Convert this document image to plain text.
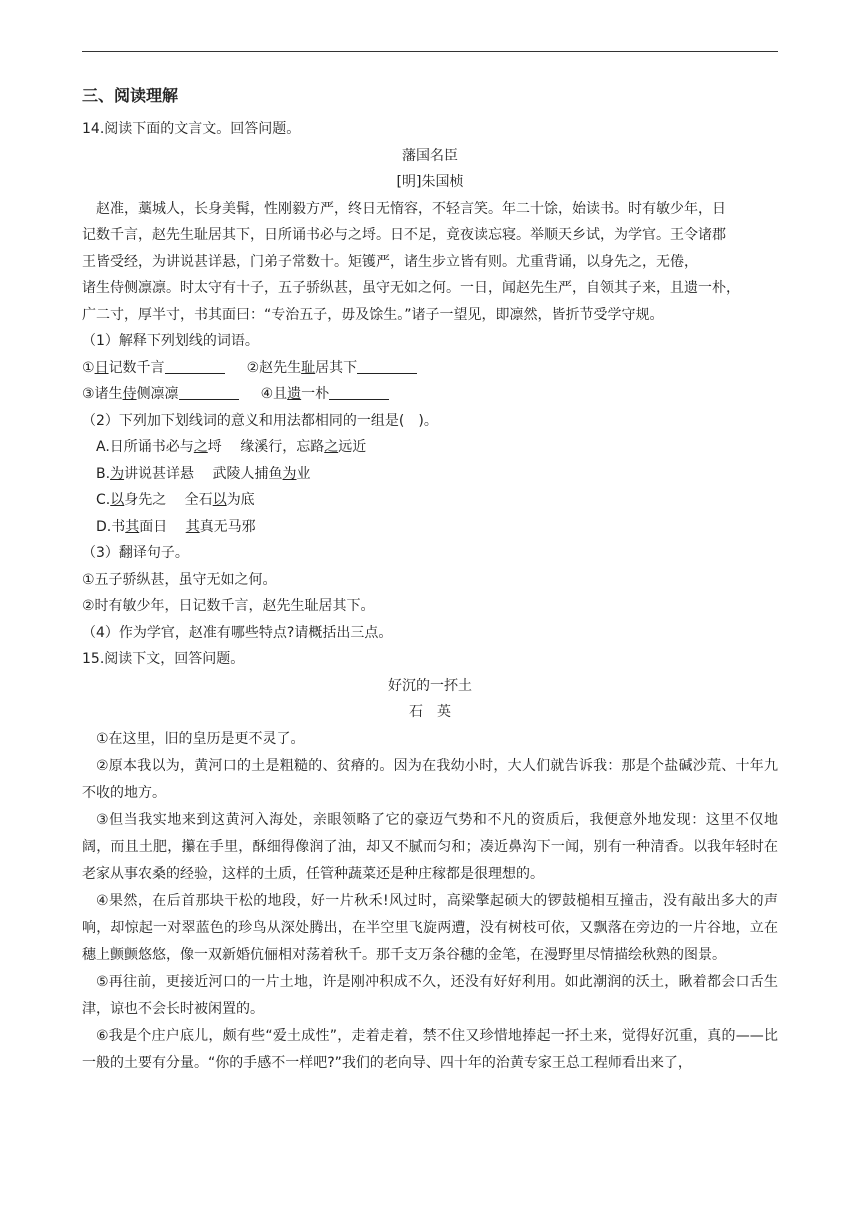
三、阅读理解
14.阅读下面的文言文。回答问题。
藩国名臣
[明]朱国桢
赵准，藁城人，长身美髯，性刚毅方严，终日无惰容，不轻言笑。年二十馀，始读书。时有敏少年，日
记数千言，赵先生耻居其下，日所诵书必与之埒。日不足，竟夜读忘寝。举顺天乡试，为学官。王令诸郡
王皆受经，为讲说甚详悬，门弟子常数十。矩镬严，诸生步立皆有则。尤重背诵，以身先之，无倦，
诸生侍侧凛凛。时太守有十子，五子骄纵甚，虽守无如之何。一日，闻赵先生严，自领其子来，且遗一朴，
广二寸，厚半寸，书其面曰：“专治五子，毋及馀生。”诸子一望见，即凛然，皆折节受学守规。
（1）解释下列划线的词语。
①日记数千言	②赵先生耻居其下
③诸生侍侧凛凛	④且遗一朴
（2）下列加下划线词的意义和用法都相同的一组是(　)。
A.日所诵书必与之埒　 缘溪行，忘路之远近
B.为讲说甚详悬　 武陵人捕鱼为业
C.以身先之　 全石以为底
D.书其面日　 其真无马邪
（3）翻译句子。
①五子骄纵甚，虽守无如之何。
②时有敏少年，日记数千言，赵先生耻居其下。
（4）作为学官，赵准有哪些特点?请概括出三点。
15.阅读下文，回答问题。
好沉的一抔土
石　英
①在这里，旧的皇历是更不灵了。
②原本我以为，黄河口的土是粗糙的、贫瘠的。因为在我幼小时，大人们就告诉我：那是个盐碱沙荒、十年九不收的地方。
③但当我实地来到这黄河入海处，亲眼领略了它的豪迈气势和不凡的资质后，我便意外地发现：这里不仅地阔，而且土肥，攥在手里，酥细得像润了油，却又不腻而匀和；凑近鼻沟下一闻，别有一种清香。以我年轻时在老家从事农桑的经验，这样的土质，任管种蔬菜还是种庄稼都是很理想的。
④果然，在后首那块干松的地段，好一片秋禾!风过时，高梁擎起硕大的锣鼓槌相互撞击，没有敲出多大的声响，却惊起一对翠蓝色的珍鸟从深处腾出，在半空里飞旋两遭，没有树枝可依，又飘落在旁边的一片谷地，立在穗上颤颤悠悠，像一双新婚伉俪相对荡着秋千。那千支万条谷穗的金笔，在漫野里尽情描绘秋熟的图景。
⑤再往前，更接近河口的一片土地，许是刚冲积成不久，还没有好好利用。如此潮润的沃土，瞅着都会口舌生津，谅也不会长时被闲置的。
⑥我是个庄户底儿，颇有些“爱土成性”，走着走着，禁不住又珍惜地捧起一抔土来，觉得好沉重，真的——比一般的土要有分量。“你的手感不一样吧?”我们的老向导、四十年的治黄专家王总工程师看出来了，
